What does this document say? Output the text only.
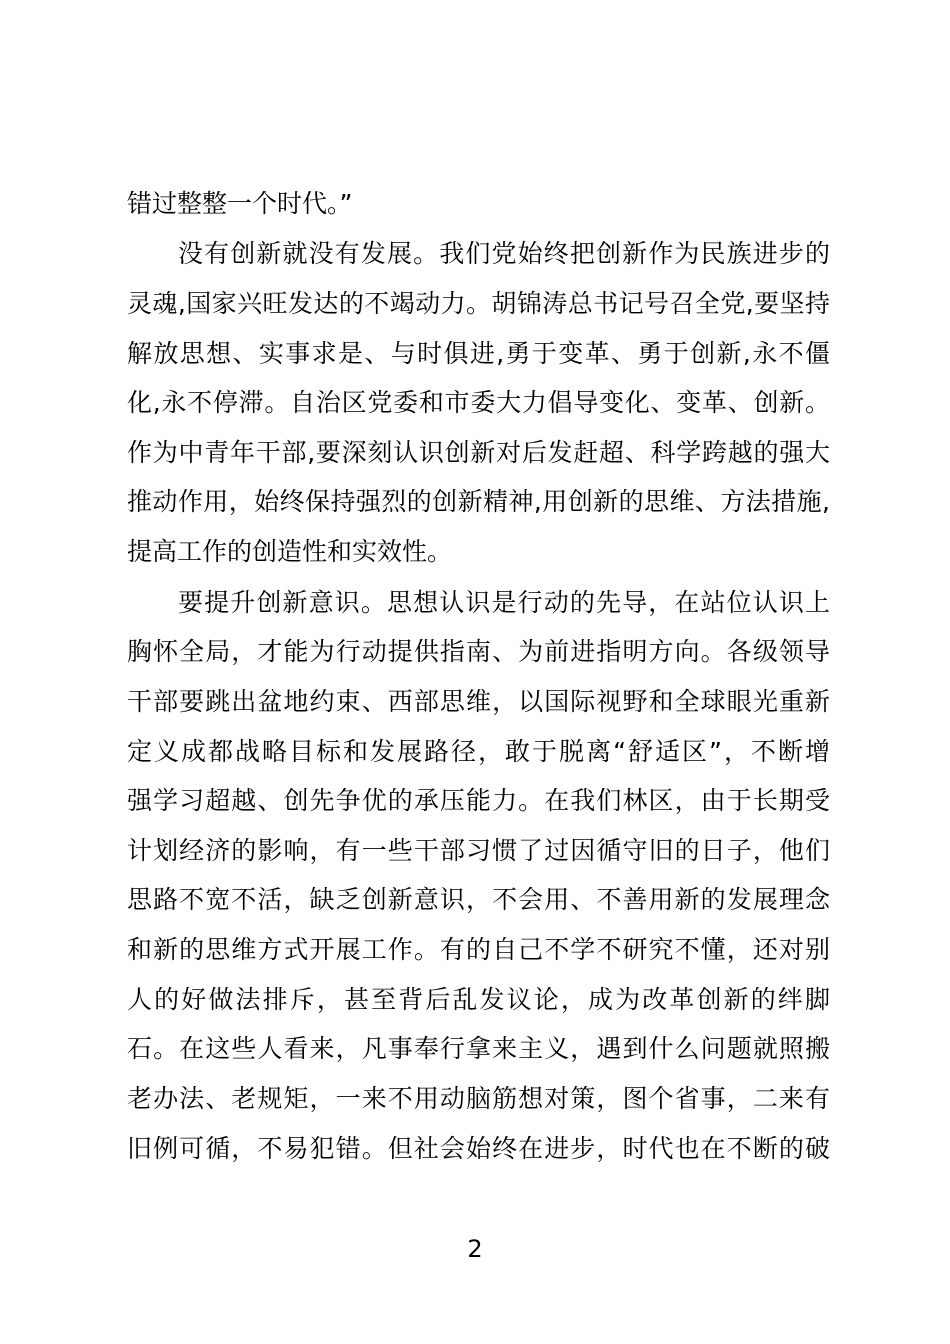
错过整整一个时代。”
没有创新就没有发展。我们党始终把创新作为民族进步的
灵魂,国家兴旺发达的不竭动力。胡锦涛总书记号召全党,要坚持
解放思想、实事求是、与时俱进,勇于变革、勇于创新,永不僵
化,永不停滞。自治区党委和市委大力倡导变化、变革、创新。
作为中青年干部,要深刻认识创新对后发赶超、科学跨越的强大
推动作用，始终保持强烈的创新精神,用创新的思维、方法措施,
提高工作的创造性和实效性。
要提升创新意识。思想认识是行动的先导，在站位认识上
胸怀全局，才能为行动提供指南、为前进指明方向。各级领导
干部要跳出盆地约束、西部思维，以国际视野和全球眼光重新
定义成都战略目标和发展路径，敢于脱离“舒适区”，不断增
强学习超越、创先争优的承压能力。在我们林区，由于长期受
计划经济的影响，有一些干部习惯了过因循守旧的日子，他们
思路不宽不活，缺乏创新意识，不会用、不善用新的发展理念
和新的思维方式开展工作。有的自己不学不研究不懂，还对别
人的好做法排斥，甚至背后乱发议论，成为改革创新的绊脚
石。在这些人看来，凡事奉行拿来主义，遇到什么问题就照搬
老办法、老规矩，一来不用动脑筋想对策，图个省事，二来有
旧例可循，不易犯错。但社会始终在进步，时代也在不断的破
2
